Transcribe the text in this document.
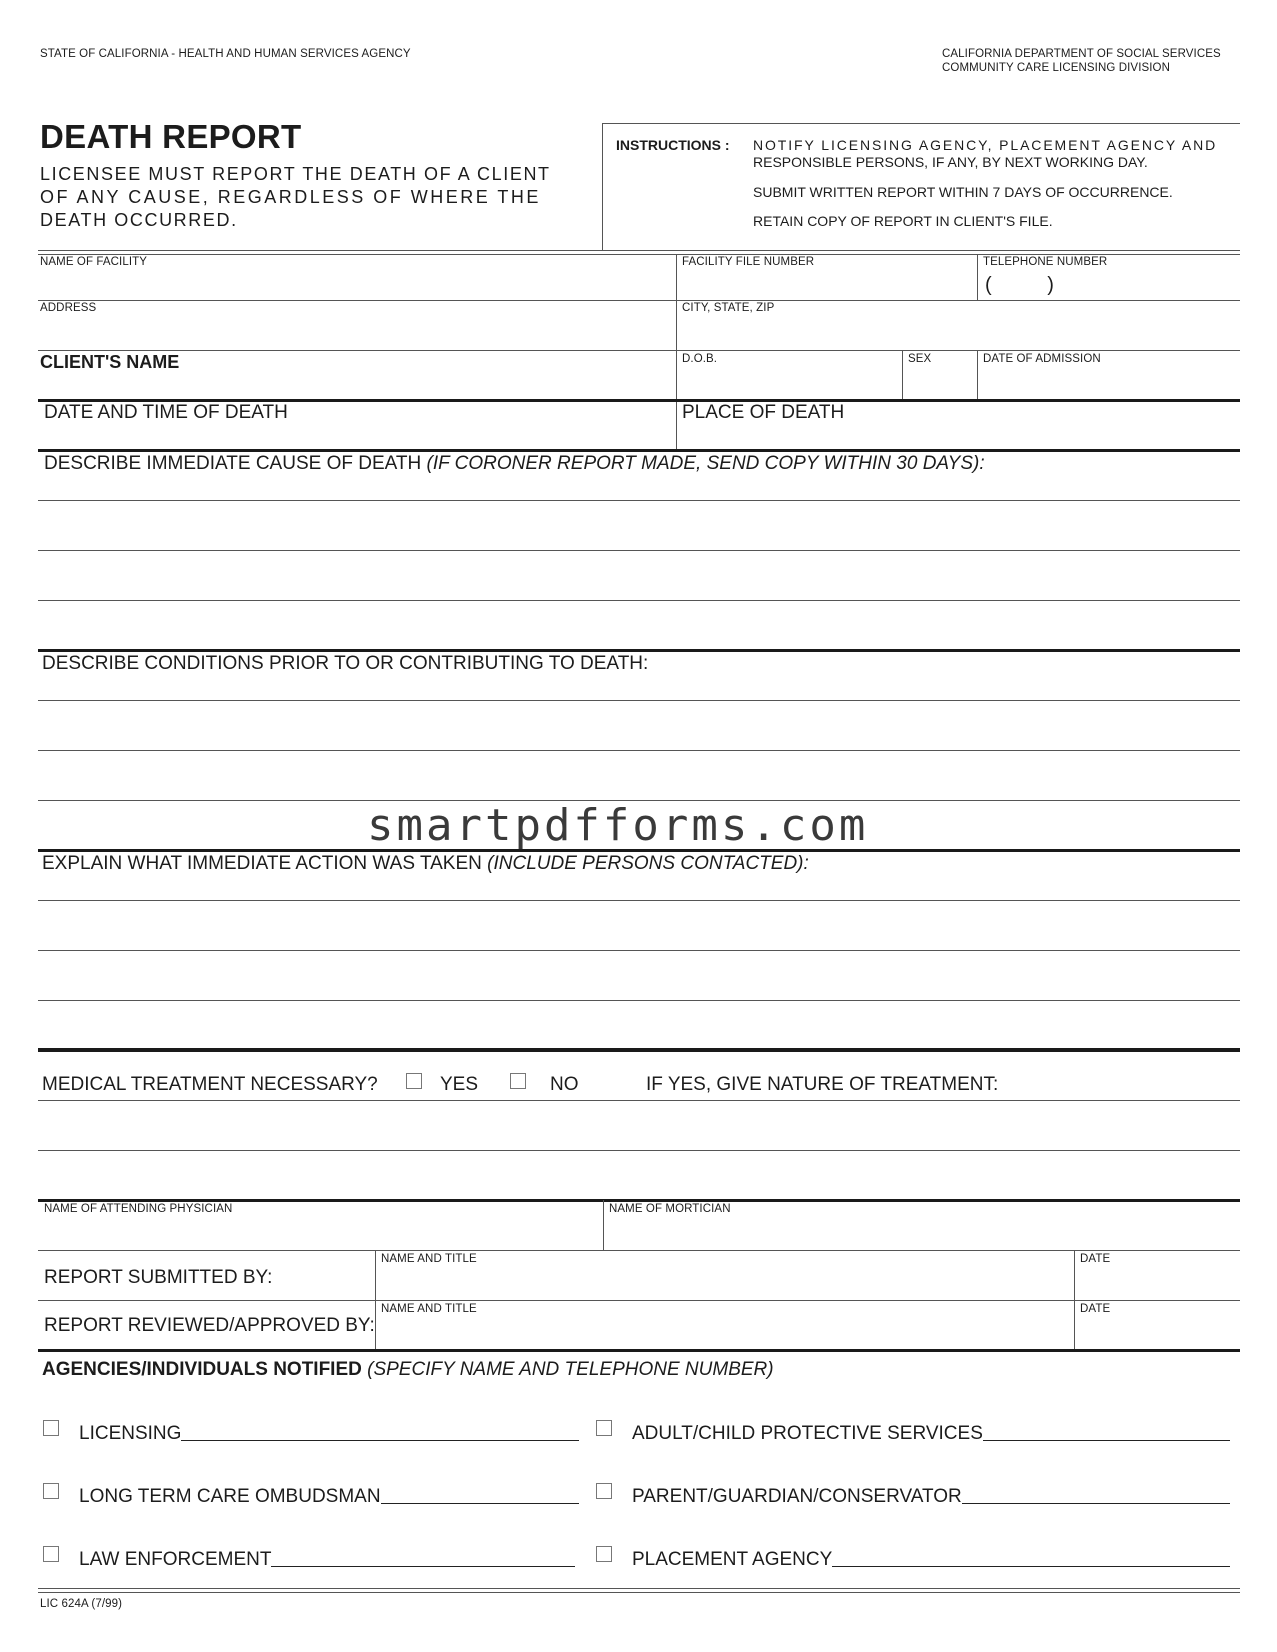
STATE OF CALIFORNIA - HEALTH AND HUMAN SERVICES AGENCY	CALIFORNIA DEPARTMENT OF SOCIAL SERVICES
COMMUNITY CARE LICENSING DIVISION
DEATH REPORT
LICENSEE MUST REPORT THE DEATH OF A CLIENT
OF ANY CAUSE, REGARDLESS OF WHERE THE
DEATH OCCURRED.
INSTRUCTIONS : NOTIFY LICENSING AGENCY, PLACEMENT AGENCY AND
RESPONSIBLE PERSONS, IF ANY, BY NEXT WORKING DAY.
SUBMIT WRITTEN REPORT WITHIN 7 DAYS OF OCCURRENCE.
RETAIN COPY OF REPORT IN CLIENT'S FILE.
NAME OF FACILITY	FACILITY FILE NUMBER	TELEPHONE NUMBER
(          )
ADDRESS	CITY, STATE, ZIP
CLIENT'S NAME	D.O.B.	SEX	DATE OF ADMISSION
DATE AND TIME OF DEATH	PLACE OF DEATH
DESCRIBE IMMEDIATE CAUSE OF DEATH (IF CORONER REPORT MADE, SEND COPY WITHIN 30 DAYS):
DESCRIBE CONDITIONS PRIOR TO OR CONTRIBUTING TO DEATH:
smartpdfforms.com
EXPLAIN WHAT IMMEDIATE ACTION WAS TAKEN (INCLUDE PERSONS CONTACTED):
MEDICAL TREATMENT NECESSARY?	YES	NO	IF YES, GIVE NATURE OF TREATMENT:
NAME OF ATTENDING PHYSICIAN	NAME OF MORTICIAN
REPORT SUBMITTED BY:
NAME AND TITLE	DATE
REPORT REVIEWED/APPROVED BY:
NAME AND TITLE	DATE
AGENCIES/INDIVIDUALS NOTIFIED (SPECIFY NAME AND TELEPHONE NUMBER)
LICENSING	ADULT/CHILD PROTECTIVE SERVICES
LONG TERM CARE OMBUDSMAN	PARENT/GUARDIAN/CONSERVATOR
LAW ENFORCEMENT	PLACEMENT AGENCY
LIC 624A (7/99)
